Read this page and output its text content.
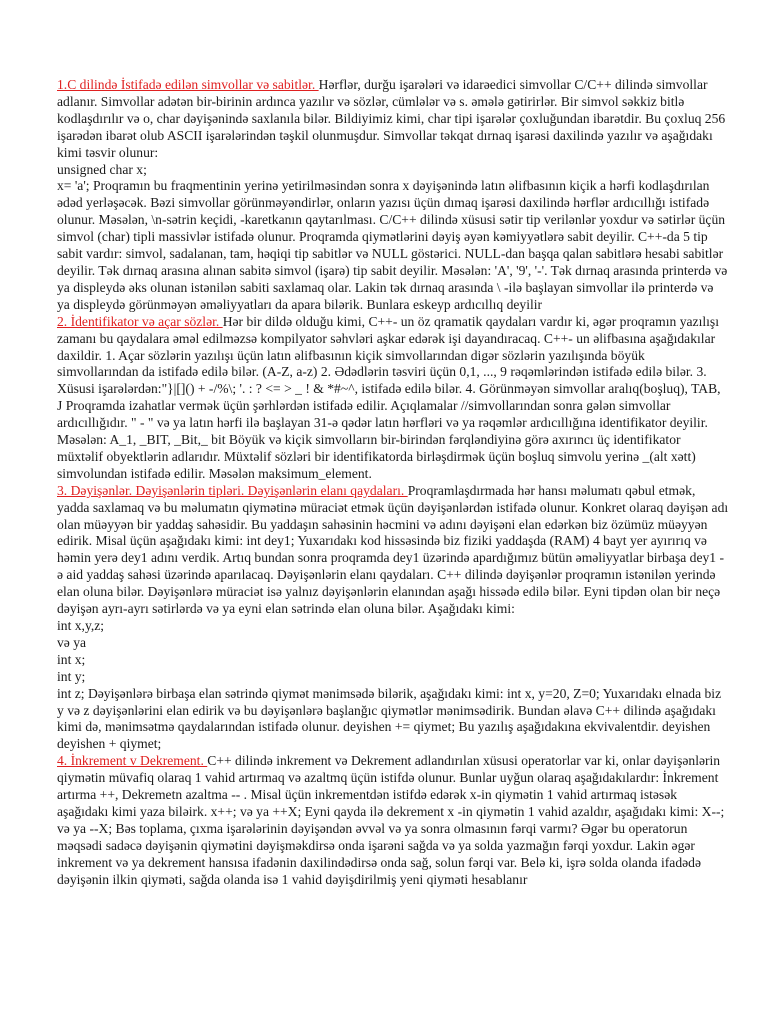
1.C dilində İstifadə edilən simvollar və sabitlər. Hərflər, durğu işarələri və idarəedici simvollar C/C++ dilində simvollar adlanır. Simvollar adətən bir-birinin ardınca yazılır və sözlər, cümlələr və s. əmələ gətirirlər. Bir simvol səkkiz bitlə kodlaşdırılır və o, char dəyişənində saxlanıla bilər. Bildiyimiz kimi, char tipi işarələr çoxluğundan ibarətdir. Bu çoxluq 256 işarədən ibarət olub ASCII işarələrindən təşkil olunmuşdur. Simvollar təkqat dırnaq işarəsi daxilində yazılır və aşağıdakı kimi təsvir olunur:

unsigned char x;

x= 'a'; Proqramın bu fraqmentinin yerinə yetirilməsindən sonra x dəyişənində latın əlifbasının kiçik a hərfi kodlaşdırılan ədəd yerləşəcək. Bəzi simvollar görünməyəndirlər, onların yazısı üçün dımaq işarəsi daxilində hərflər ardıcıllığı istifadə olunur. Məsələn, \n-sətrin keçidi, -karetkanın qaytarılması. C/C++ dilində xüsusi sətir tip verilənlər yoxdur və sətirlər üçün simvol (char) tipli massivlər istifadə olunur. Proqramda qiymətlərini dəyiş əyən kəmiyyətlərə sabit deyilir. C++-da 5 tip sabit vardır: simvol, sadalanan, tam, həqiqi tip sabitlər və NULL göstərici. NULL-dan başqa qalan sabitlərə hesabi sabitlər deyilir. Tək dırnaq arasına alınan sabitə simvol (işarə) tip sabit deyilir. Məsələn: 'A', '9', '-'. Tək dırnaq arasında printerdə və ya displeydə əks olunan istənilən sabiti saxlamaq olar. Lakin tək dırnaq arasında \ -ilə başlayan simvollar ilə printerdə və ya displeydə görünməyən əməliyyatları da apara bilərik. Bunlara eskeyp ardıcıllıq deyilir

2. İdentifikator və açar sözlər. Hər bir dildə olduğu kimi, C++- un öz qramatik qaydaları vardır ki, əgər proqramın yazılışı zamanı bu qaydalara əməl edilməzsə kompilyator səhvləri aşkar edərək işi dayandıracaq. C++- un əlifbasına aşağıdakılar daxildir. 1. Açar sözlərin yazılışı üçün latın əlifbasının kiçik simvollarından digər sözlərin yazılışında böyük simvollarından da istifadə edilə bilər. (A-Z, a-z) 2. Ədədlərin təsviri üçün 0,1, ..., 9 rəqəmlərindən istifadə edilə bilər. 3. Xüsusi işarələrdən:"}|[]() + -/%\; '. : ? <= > _ ! & *#~^, istifadə edilə bilər. 4. Görünməyən simvollar aralıq(boşluq), TAB, J Proqramda izahatlar vermək üçün şərhlərdən istifadə edilir. Açıqlamalar //simvollarından sonra gələn simvollar ardıcıllığıdır. " - " və ya latın hərfi ilə başlayan 31-ə qədər latın hərfləri və ya rəqəmlər ardıcıllığına identifikator deyilir. Məsələn: A_1, _BIT, _Bit,_ bit Böyük və kiçik simvolların bir-birindən fərqləndiyinə görə axırıncı üç identifikator müxtəlif obyektlərin adlarıdır. Müxtəlif sözləri bir identifikatorda birləşdirmək üçün boşluq simvolu yerinə _(alt xətt) simvolundan istifadə edilir. Məsələn maksimum_element.

3. Dəyişənlər. Dəyişənlərin tipləri. Dəyişənlərin elanı qaydaları. Proqramlaşdırmada hər hansı məlumatı qəbul etmək, yadda saxlamaq və bu məlumatın qiymətinə müraciət etmək üçün dəyişənlərdən istifadə olunur. Konkret olaraq dəyişən adı olan müəyyən bir yaddaş sahəsidir. Bu yaddaşın sahəsinin həcmini və adını dəyişəni elan edərkən biz özümüz müəyyən edirik. Misal üçün aşağıdakı kimi: int dey1; Yuxarıdakı kod hissəsində biz fiziki yaddaşda (RAM) 4 bayt yer ayırırıq və həmin yerə dey1 adını verdik. Artıq bundan sonra proqramda dey1 üzərində apardığımız bütün əməliyyatlar birbaşa dey1 - ə aid yaddaş sahəsi üzərində aparılacaq. Dəyişənlərin elanı qaydaları. C++ dilində dəyişənlər proqramın istənilən yerində elan oluna bilər. Dəyişənlərə müraciət isə yalnız dəyişənlərin elanından aşağı hissədə edilə bilər. Eyni tipdən olan bir neçə dəyişən ayrı-ayrı sətirlərdə və ya eyni elan sətrində elan oluna bilər. Aşağıdakı kimi:

int x,y,z;

və ya

int x;

int y;

int z; Dəyişənlərə birbaşa elan sətrində qiymət mənimsədə bilərik, aşağıdakı kimi: int x, y=20, Z=0; Yuxarıdakı elnada biz y və z dəyişənlərini elan edirik və bu dəyişənlərə başlanğıc qiymətlər mənimsədirik. Bundan əlavə C++ dilində aşağıdakı kimi də, mənimsətmə qaydalarından istifadə olunur. deyishen += qiymet; Bu yazılış aşağıdakına ekvivalentdir. deyishen deyishen + qiymet;

4. İnkrement v Dekrement. C++ dilində inkrement və Dekrement adlandırılan xüsusi operatorlar var ki, onlar dəyişənlərin qiymətin müvafiq olaraq 1 vahid artırmaq və azaltmq üçün istifdə olunur. Bunlar uyğun olaraq aşağıdakılardır: İnkrement artırma ++, Dekremetn azaltma -- . Misal üçün inkrementdən istifdə edərək x-in qiymətin 1 vahid artırmaq istəsək aşağıdakı kimi yaza biləirk. x++; və ya ++X; Eyni qayda ilə dekrement x -in qiymətin 1 vahid azaldır, aşağıdakı kimi: X--; və ya --X; Bəs toplama, çıxma işarələrinin dəyişəndən əvvəl və ya sonra olmasının fərqi varmı? Əgər bu operatorun məqsədi sadəcə dəyişənin qiymətini dəyişməkdirsə onda işarəni sağda və ya solda yazmağın fərqi yoxdur. Lakin əgər inkrement və ya dekrement hansısa ifadənin daxilindədirsə onda sağ, solun fərqi var. Belə ki, işrə solda olanda ifadədə dəyişənin ilkin qiyməti, sağda olanda isə 1 vahid dəyişdirilmiş yeni qiyməti hesablanır
